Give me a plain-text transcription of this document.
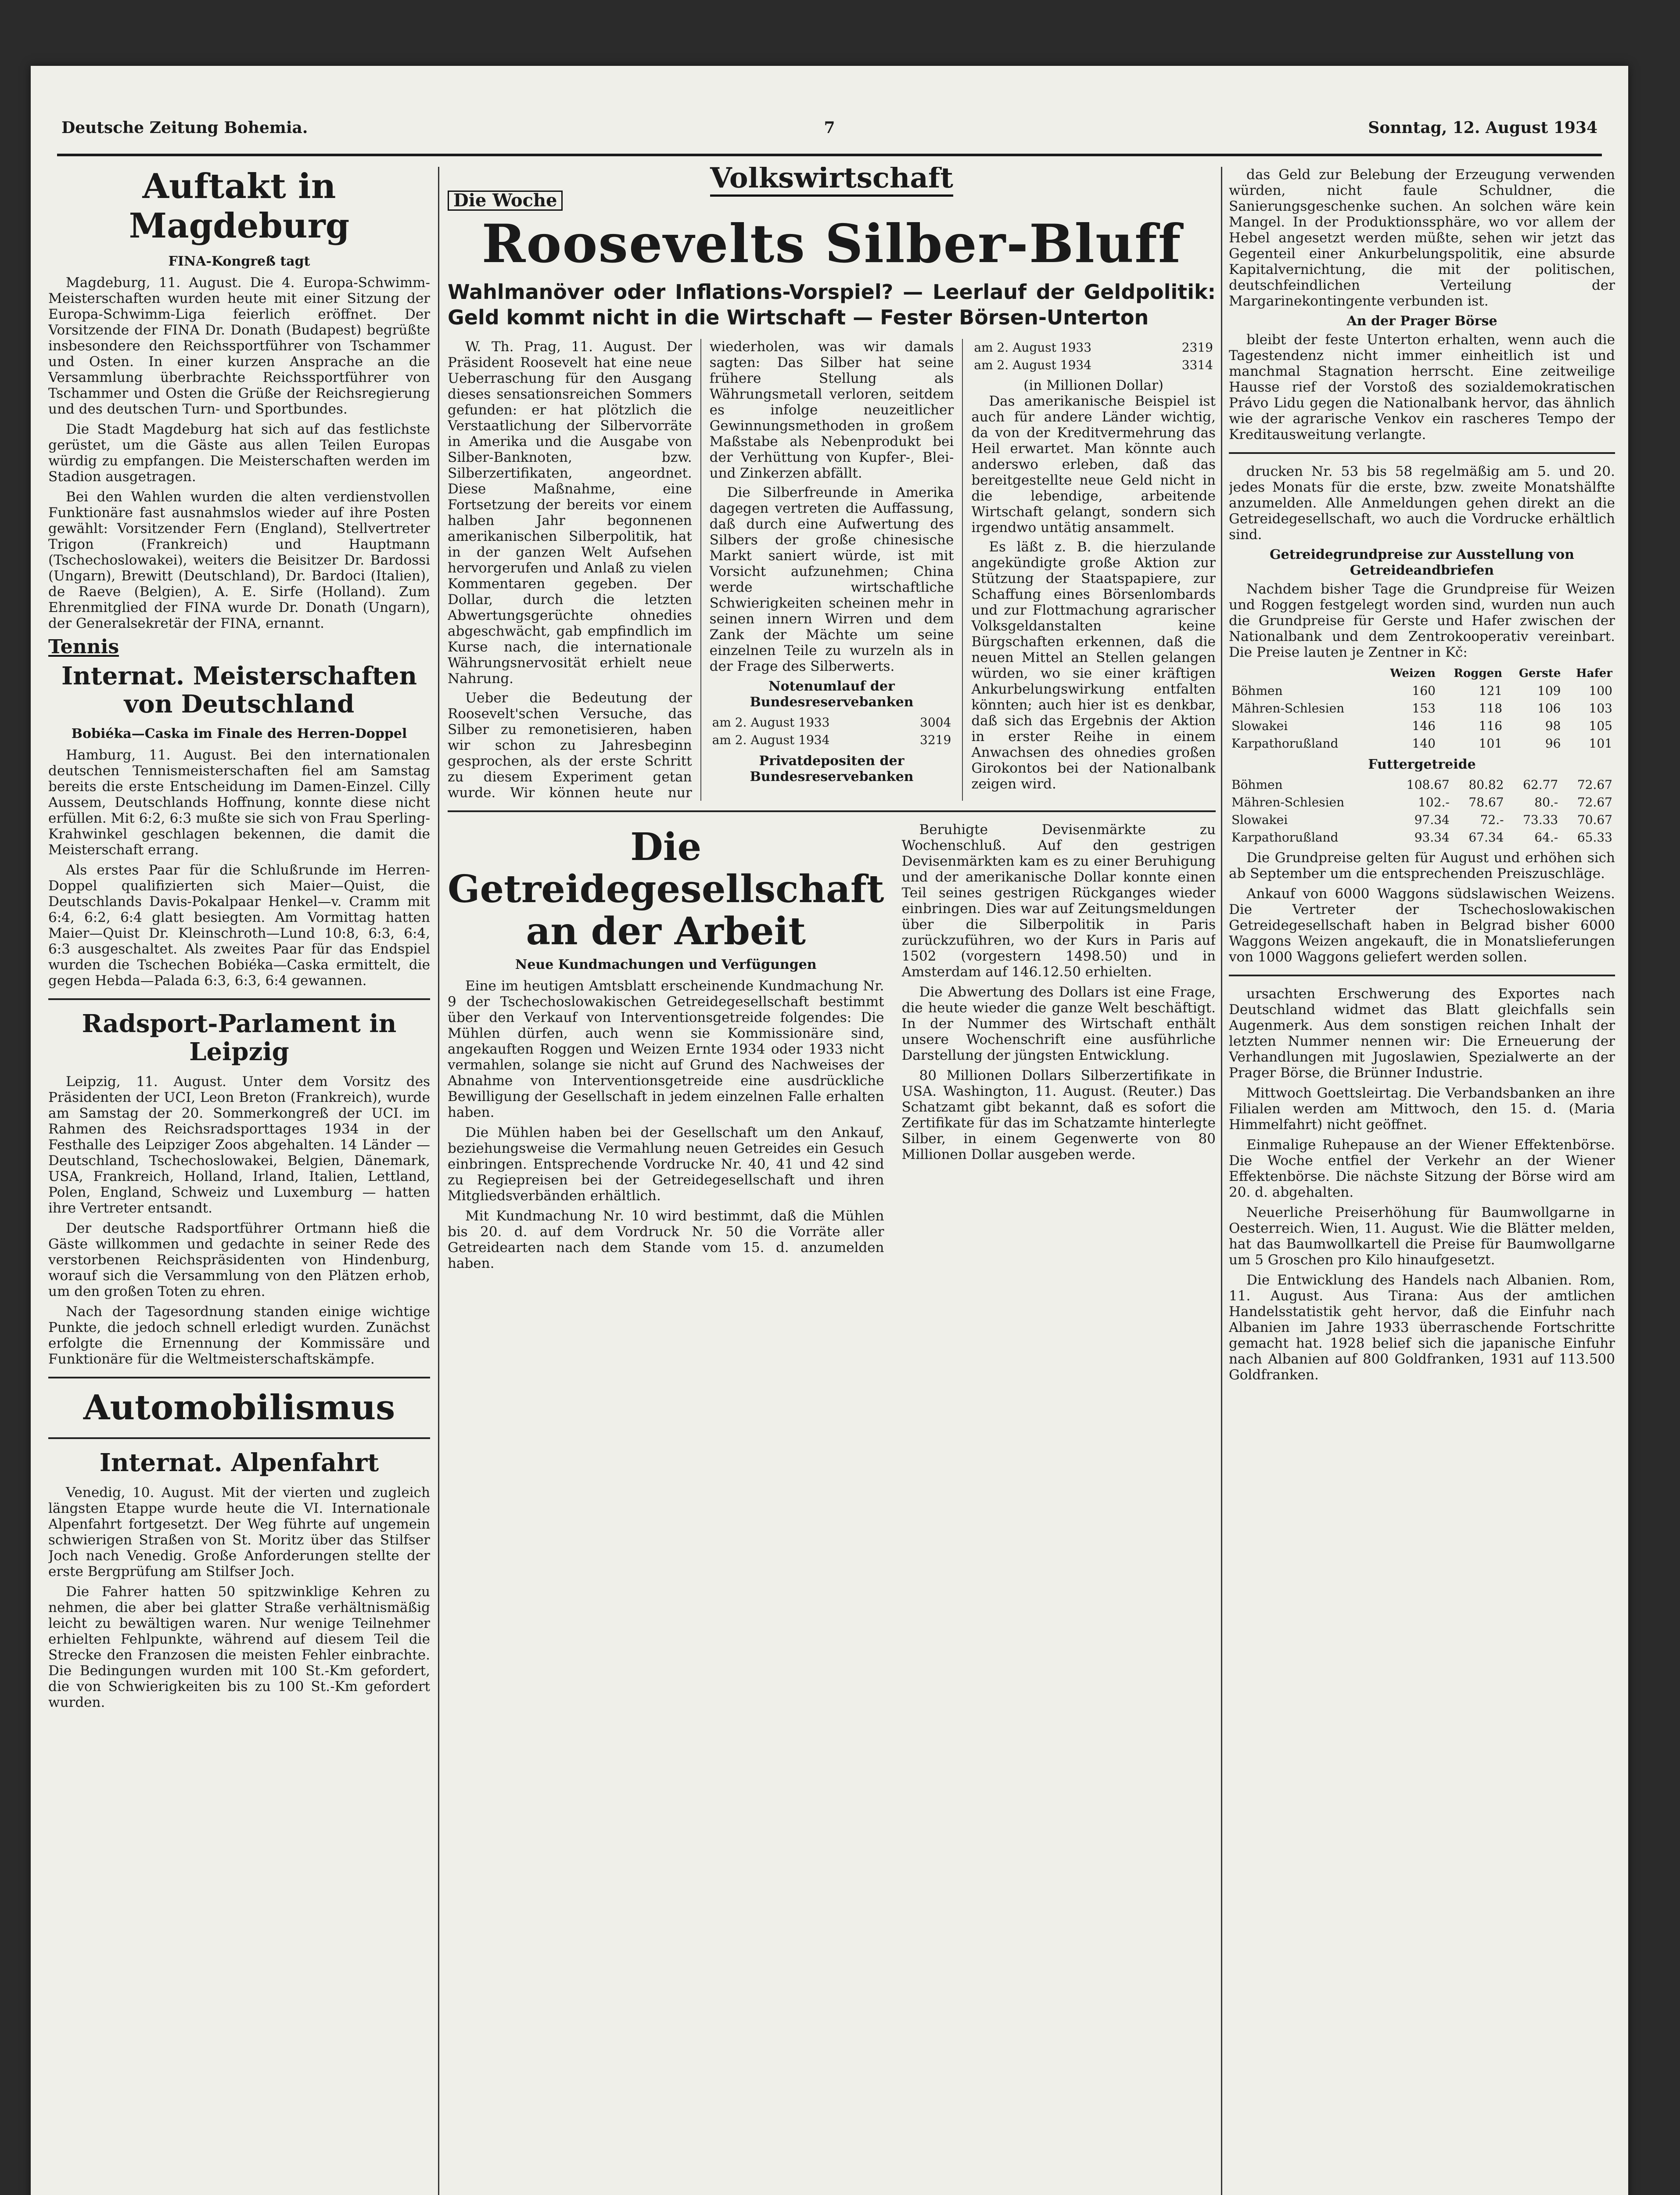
Deutsche Zeitung Bohemia.	7	Sonntag, 12. August 1934
Auftakt in Magdeburg
FINA-Kongreß tagt

Magdeburg, 11. August. Die 4. Europa-Schwimm-Meisterschaften wurden heute mit einer Sitzung der Europa-Schwimm-Liga feierlich eröffnet. Der Vorsitzende der FINA Dr. Donath (Budapest) begrüßte insbesondere den Reichssportführer von Tschammer und Osten. In einer kurzen Ansprache an die Versammlung überbrachte Reichssportführer von Tschammer und Osten die Grüße der Reichsregierung und des deutschen Turn- und Sportbundes.

Die Stadt Magdeburg hat sich auf das festlichste gerüstet, um die Gäste aus allen Teilen Europas würdig zu empfangen. Die Meisterschaften werden im Stadion ausgetragen.

Bei den Wahlen wurden die alten verdienstvollen Funktionäre fast ausnahmslos wieder auf ihre Posten gewählt: Vorsitzender Fern (England), Stellvertreter Trigon (Frankreich) und Hauptmann (Tschechoslowakei), weiters die Beisitzer Dr. Bardossi (Ungarn), Brewitt (Deutschland), Dr. Bardoci (Italien), de Raeve (Belgien), A. E. Sirfe (Holland). Zum Ehrenmitglied der FINA wurde Dr. Donath (Ungarn), der Generalsekretär der FINA, ernannt.

Tennis
Internat. Meisterschaften von Deutschland
Bobiéka—Caska im Finale des Herren-Doppel

Hamburg, 11. August. Bei den internationalen deutschen Tennismeisterschaften fiel am Samstag bereits die erste Entscheidung im Damen-Einzel. Cilly Aussem, Deutschlands Hoffnung, konnte diese nicht erfüllen. Mit 6:2, 6:3 mußte sie sich von Frau Sperling-Krahwinkel geschlagen bekennen, die damit die Meisterschaft errang.

Als erstes Paar für die Schlußrunde im Herren-Doppel qualifizierten sich Maier—Quist, die Deutschlands Davis-Pokalpaar Henkel—v. Cramm mit 6:4, 6:2, 6:4 glatt besiegten. Am Vormittag hatten Maier—Quist Dr. Kleinschroth—Lund 10:8, 6:3, 6:4, 6:3 ausgeschaltet. Als zweites Paar für das Endspiel wurden die Tschechen Bobiéka—Caska ermittelt, die gegen Hebda—Palada 6:3, 6:3, 6:4 gewannen.

Radsport-Parlament in Leipzig

Leipzig, 11. August. Unter dem Vorsitz des Präsidenten der UCI, Leon Breton (Frankreich), wurde am Samstag der 20. Sommerkongreß der UCI. im Rahmen des Reichsradsporttages 1934 in der Festhalle des Leipziger Zoos abgehalten. 14 Länder — Deutschland, Tschechoslowakei, Belgien, Dänemark, USA, Frankreich, Holland, Irland, Italien, Lettland, Polen, England, Schweiz und Luxemburg — hatten ihre Vertreter entsandt.

Der deutsche Radsportführer Ortmann hieß die Gäste willkommen und gedachte in seiner Rede des verstorbenen Reichspräsidenten von Hindenburg, worauf sich die Versammlung von den Plätzen erhob, um den großen Toten zu ehren.

Nach der Tagesordnung standen einige wichtige Punkte, die jedoch schnell erledigt wurden. Zunächst erfolgte die Ernennung der Kommissäre und Funktionäre für die Weltmeisterschaftskämpfe.

Automobilismus
Internat. Alpenfahrt

Venedig, 10. August. Mit der vierten und zugleich längsten Etappe wurde heute die VI. Internationale Alpenfahrt fortgesetzt. Der Weg führte auf ungemein schwierigen Straßen von St. Moritz über das Stilfser Joch nach Venedig. Große Anforderungen stellte der erste Bergprüfung am Stilfser Joch.

Die Fahrer hatten 50 spitzwinklige Kehren zu nehmen, die aber bei glatter Straße verhältnismäßig leicht zu bewältigen waren. Nur wenige Teilnehmer erhielten Fehlpunkte, während auf diesem Teil die Strecke den Franzosen die meisten Fehler einbrachte. Die Bedingungen wurden mit 100 St.-Km gefordert, die von Schwierigkeiten bis zu 100 St.-Km gefordert wurden.

Volkswirtschaft
Die Woche
Roosevelts Silber-Bluff
Wahlmanöver oder Inflations-Vorspiel? — Leerlauf der Geldpolitik: Geld kommt nicht in die Wirtschaft — Fester Börsen-Unterton

W. Th. Prag, 11. August. Der Präsident Roosevelt hat eine neue Ueberraschung für den Ausgang dieses sensationsreichen Sommers gefunden: er hat plötzlich die Verstaatlichung der Silbervorräte in Amerika und die Ausgabe von Silber-Banknoten, bzw. Silberzertifikaten, angeordnet. Diese Maßnahme, eine Fortsetzung der bereits vor einem halben Jahr begonnenen amerikanischen Silberpolitik, hat in der ganzen Welt Aufsehen hervorgerufen und Anlaß zu vielen Kommentaren gegeben. Der Dollar, durch die letzten Abwertungsgerüchte ohnedies abgeschwächt, gab empfindlich im Kurse nach, die internationale Währungsnervosität erhielt neue Nahrung.

Ueber die Bedeutung der Roosevelt'schen Versuche, das Silber zu remonetisieren, haben wir schon zu Jahresbeginn gesprochen, als der erste Schritt zu diesem Experiment getan wurde. Wir können heute nur wiederholen, was wir damals sagten: Das Silber hat seine frühere Stellung als Währungsmetall verloren, seitdem es infolge neuzeitlicher Gewinnungsmethoden in großem Maßstabe als Nebenprodukt bei der Verhüttung von Kupfer-, Blei- und Zinkerzen abfällt.

Die Silberfreunde in Amerika dagegen vertreten die Auffassung, daß durch eine Aufwertung des Silbers der große chinesische Markt saniert würde, ist mit Vorsicht aufzunehmen; China werde wirtschaftliche Schwierigkeiten scheinen mehr in seinen innern Wirren und dem Zank der Mächte um seine einzelnen Teile zu wurzeln als in der Frage des Silberwerts.

Notenumlauf der Bundesreservebanken
am 2. August 1933	3004
am 2. August 1934	3219
Privatdepositen der Bundesreservebanken
am 2. August 1933	2319
am 2. August 1934	3314
(in Millionen Dollar)

Das amerikanische Beispiel ist auch für andere Länder wichtig, da von der Kreditvermehrung das Heil erwartet. Man könnte auch anderswo erleben, daß das bereitgestellte neue Geld nicht in die lebendige, arbeitende Wirtschaft gelangt, sondern sich irgendwo untätig ansammelt.

Es läßt z. B. die hierzulande angekündigte große Aktion zur Stützung der Staatspapiere, zur Schaffung eines Börsenlombards und zur Flottmachung agrarischer Volksgeldanstalten keine Bürgschaften erkennen, daß die neuen Mittel an Stellen gelangen würden, wo sie einer kräftigen Ankurbelungswirkung entfalten könnten; auch hier ist es denkbar, daß sich das Ergebnis der Aktion in erster Reihe in einem Anwachsen des ohnedies großen Girokontos bei der Nationalbank zeigen wird.

Die Getreidegesellschaft an der Arbeit
Neue Kundmachungen und Verfügungen

Eine im heutigen Amtsblatt erscheinende Kundmachung Nr. 9 der Tschechoslowakischen Getreidegesellschaft bestimmt über den Verkauf von Interventionsgetreide folgendes: Die Mühlen dürfen, auch wenn sie Kommissionäre sind, angekauften Roggen und Weizen Ernte 1934 oder 1933 nicht vermahlen, solange sie nicht auf Grund des Nachweises der Abnahme von Interventionsgetreide eine ausdrückliche Bewilligung der Gesellschaft in jedem einzelnen Falle erhalten haben.

Die Mühlen haben bei der Gesellschaft um den Ankauf, beziehungsweise die Vermahlung neuen Getreides ein Gesuch einbringen. Entsprechende Vordrucke Nr. 40, 41 und 42 sind zu Regiepreisen bei der Getreidegesellschaft und ihren Mitgliedsverbänden erhältlich.

Mit Kundmachung Nr. 10 wird bestimmt, daß die Mühlen bis 20. d. auf dem Vordruck Nr. 50 die Vorräte aller Getreidearten nach dem Stande vom 15. d. anzumelden haben.

Beruhigte Devisenmärkte zu Wochenschluß. Auf den gestrigen Devisenmärkten kam es zu einer Beruhigung und der amerikanische Dollar konnte einen Teil seines gestrigen Rückganges wieder einbringen. Dies war auf Zeitungsmeldungen über die Silberpolitik in Paris zurückzuführen, wo der Kurs in Paris auf 1502 (vorgestern 1498.50) und in Amsterdam auf 146.12.50 erhielten.

Die Abwertung des Dollars ist eine Frage, die heute wieder die ganze Welt beschäftigt. In der Nummer des Wirtschaft enthält unsere Wochenschrift eine ausführliche Darstellung der jüngsten Entwicklung.

80 Millionen Dollars Silberzertifikate in USA. Washington, 11. August. (Reuter.) Das Schatzamt gibt bekannt, daß es sofort die Zertifikate für das im Schatzamte hinterlegte Silber, in einem Gegenwerte von 80 Millionen Dollar ausgeben werde.

das Geld zur Belebung der Erzeugung verwenden würden, nicht faule Schuldner, die Sanierungsgeschenke suchen. An solchen wäre kein Mangel. In der Produktionssphäre, wo vor allem der Hebel angesetzt werden müßte, sehen wir jetzt das Gegenteil einer Ankurbelungspolitik, eine absurde Kapitalvernichtung, die mit der politischen, deutschfeindlichen Verteilung der Margarinekontingente verbunden ist.

An der Prager Börse

bleibt der feste Unterton erhalten, wenn auch die Tagestendenz nicht immer einheitlich ist und manchmal Stagnation herrscht. Eine zeitweilige Hausse rief der Vorstoß des sozialdemokratischen Právo Lidu gegen die Nationalbank hervor, das ähnlich wie der agrarische Venkov ein rascheres Tempo der Kreditausweitung verlangte.

drucken Nr. 53 bis 58 regelmäßig am 5. und 20. jedes Monats für die erste, bzw. zweite Monatshälfte anzumelden. Alle Anmeldungen gehen direkt an die Getreidegesellschaft, wo auch die Vordrucke erhältlich sind.

Getreidegrundpreise zur Ausstellung von Getreideandbriefen

Nachdem bisher Tage die Grundpreise für Weizen und Roggen festgelegt worden sind, wurden nun auch die Grundpreise für Gerste und Hafer zwischen der Nationalbank und dem Zentrokooperativ vereinbart. Die Preise lauten je Zentner in Kč:

	Weizen	Roggen	Gerste	Hafer
Böhmen	160	121	109	100
Mähren-Schlesien	153	118	106	103
Slowakei	146	116	98	105
Karpathorußland	140	101	96	101
Futtergetreide
Böhmen	108.67	80.82	62.77	72.67
Mähren-Schlesien	102.-	78.67	80.-	72.67
Slowakei	97.34	72.-	73.33	70.67
Karpathorußland	93.34	67.34	64.-	65.33

Die Grundpreise gelten für August und erhöhen sich ab September um die entsprechenden Preiszuschläge.

Ankauf von 6000 Waggons südslawischen Weizens. Die Vertreter der Tschechoslowakischen Getreidegesellschaft haben in Belgrad bisher 6000 Waggons Weizen angekauft, die in Monatslieferungen von 1000 Waggons geliefert werden sollen.

ursachten Erschwerung des Exportes nach Deutschland widmet das Blatt gleichfalls sein Augenmerk. Aus dem sonstigen reichen Inhalt der letzten Nummer nennen wir: Die Erneuerung der Verhandlungen mit Jugoslawien, Spezialwerte an der Prager Börse, die Brünner Industrie.

Mittwoch Goettsleirtag. Die Verbandsbanken an ihre Filialen werden am Mittwoch, den 15. d. (Maria Himmelfahrt) nicht geöffnet.

Einmalige Ruhepause an der Wiener Effektenbörse. Die Woche entfiel der Verkehr an der Wiener Effektenbörse. Die nächste Sitzung der Börse wird am 20. d. abgehalten.

Neuerliche Preiserhöhung für Baumwollgarne in Oesterreich. Wien, 11. August. Wie die Blätter melden, hat das Baumwollkartell die Preise für Baumwollgarne um 5 Groschen pro Kilo hinaufgesetzt.

Die Entwicklung des Handels nach Albanien. Rom, 11. August. Aus Tirana: Aus der amtlichen Handelsstatistik geht hervor, daß die Einfuhr nach Albanien im Jahre 1933 überraschende Fortschritte gemacht hat. 1928 belief sich die japanische Einfuhr nach Albanien auf 800 Goldfranken, 1931 auf 113.500 Goldfranken.
